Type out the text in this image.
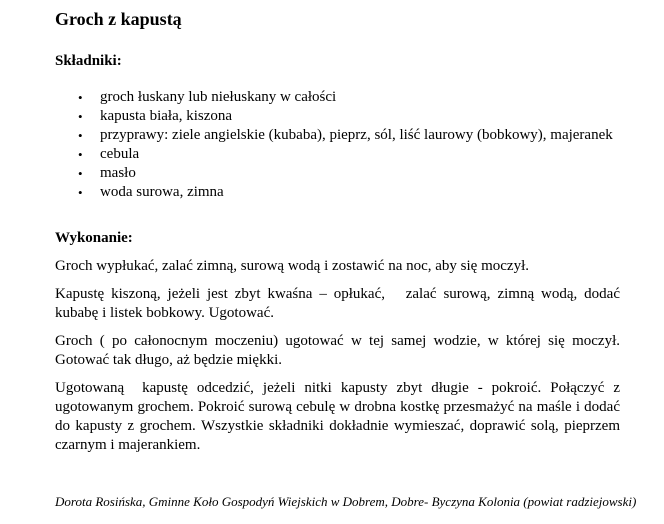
Groch z kapustą
Składniki:
• groch łuskany lub niełuskany w całości
• kapusta biała, kiszona
• przyprawy: ziele angielskie (kubaba), pieprz, sól, liść laurowy (bobkowy), majeranek
• cebula
• masło
• woda surowa, zimna
Wykonanie:
Groch wypłukać, zalać zimną, surową wodą i zostawić na noc, aby się moczył.
Kapustę kiszoną, jeżeli jest zbyt kwaśna – opłukać,   zalać surową, zimną wodą, dodać
kubabę i listek bobkowy. Ugotować.
Groch ( po całonocnym moczeniu) ugotować w tej samej wodzie, w której się moczył.
Gotować tak długo, aż będzie miękki.
Ugotowaną  kapustę odcedzić, jeżeli nitki kapusty zbyt długie - pokroić. Połączyć z
ugotowanym grochem. Pokroić surową cebulę w drobna kostkę przesmażyć na maśle i dodać
do kapusty z grochem. Wszystkie składniki dokładnie wymieszać, doprawić solą, pieprzem
czarnym i majerankiem.
Dorota Rosińska, Gminne Koło Gospodyń Wiejskich w Dobrem, Dobre- Byczyna Kolonia (powiat radziejowski)
